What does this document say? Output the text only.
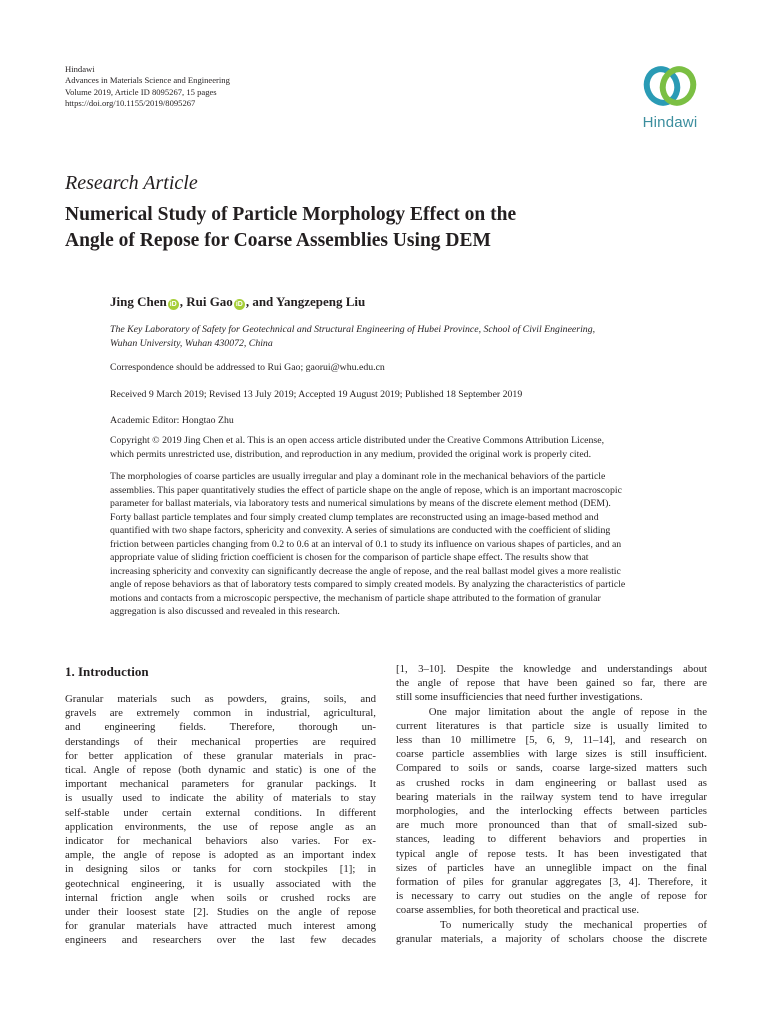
Hindawi
Advances in Materials Science and Engineering
Volume 2019, Article ID 8095267, 15 pages
https://doi.org/10.1155/2019/8095267
Hindawi
Research Article
Numerical Study of Particle Morphology Effect on the
Angle of Repose for Coarse Assemblies Using DEM
Jing Chen iD , Rui Gao iD , and Yangzepeng Liu
The Key Laboratory of Safety for Geotechnical and Structural Engineering of Hubei Province, School of Civil Engineering,
Wuhan University, Wuhan 430072, China
Correspondence should be addressed to Rui Gao; gaorui@whu.edu.cn
Received 9 March 2019; Revised 13 July 2019; Accepted 19 August 2019; Published 18 September 2019
Academic Editor: Hongtao Zhu
Copyright © 2019 Jing Chen et al. This is an open access article distributed under the Creative Commons Attribution License,
which permits unrestricted use, distribution, and reproduction in any medium, provided the original work is properly cited.
The morphologies of coarse particles are usually irregular and play a dominant role in the mechanical behaviors of the particle
assemblies. This paper quantitatively studies the effect of particle shape on the angle of repose, which is an important macroscopic
parameter for ballast materials, via laboratory tests and numerical simulations by means of the discrete element method (DEM).
Forty ballast particle templates and four simply created clump templates are reconstructed using an image-based method and
quantified with two shape factors, sphericity and convexity. A series of simulations are conducted with the coefficient of sliding
friction between particles changing from 0.2 to 0.6 at an interval of 0.1 to study its influence on various shapes of particles, and an
appropriate value of sliding friction coefficient is chosen for the comparison of particle shape effect. The results show that
increasing sphericity and convexity can significantly decrease the angle of repose, and the real ballast model gives a more realistic
angle of repose behaviors as that of laboratory tests compared to simply created models. By analyzing the characteristics of particle
motions and contacts from a microscopic perspective, the mechanism of particle shape attributed to the formation of granular
aggregation is also discussed and revealed in this research.
1. Introduction
Granular materials such as powders, grains, soils, and
gravels are extremely common in industrial, agricultural,
and engineering fields. Therefore, thorough un-
derstandings of their mechanical properties are required
for better application of these granular materials in prac-
tical. Angle of repose (both dynamic and static) is one of the
important mechanical parameters for granular packings. It
is usually used to indicate the ability of materials to stay
self-stable under certain external conditions. In different
application environments, the use of repose angle as an
indicator for mechanical behaviors also varies. For ex-
ample, the angle of repose is adopted as an important index
in designing silos or tanks for corn stockpiles [1]; in
geotechnical engineering, it is usually associated with the
internal friction angle when soils or crushed rocks are
under their loosest state [2]. Studies on the angle of repose
for granular materials have attracted much interest among
engineers and researchers over the last few decades
[1, 3–10]. Despite the knowledge and understandings about
the angle of repose that have been gained so far, there are
still some insufficiencies that need further investigations.
One major limitation about the angle of repose in the
current literatures is that particle size is usually limited to
less than 10 millimetre [5, 6, 9, 11–14], and research on
coarse particle assemblies with large sizes is still insufficient.
Compared to soils or sands, coarse large-sized matters such
as crushed rocks in dam engineering or ballast used as
bearing materials in the railway system tend to have irregular
morphologies, and the interlocking effects between particles
are much more pronounced than that of small-sized sub-
stances, leading to different behaviors and properties in
typical angle of repose tests. It has been investigated that
sizes of particles have an unneglible impact on the final
formation of piles for granular aggregates [3, 4]. Therefore, it
is necessary to carry out studies on the angle of repose for
coarse assemblies, for both theoretical and practical use.
To numerically study the mechanical properties of
granular materials, a majority of scholars choose the discrete
